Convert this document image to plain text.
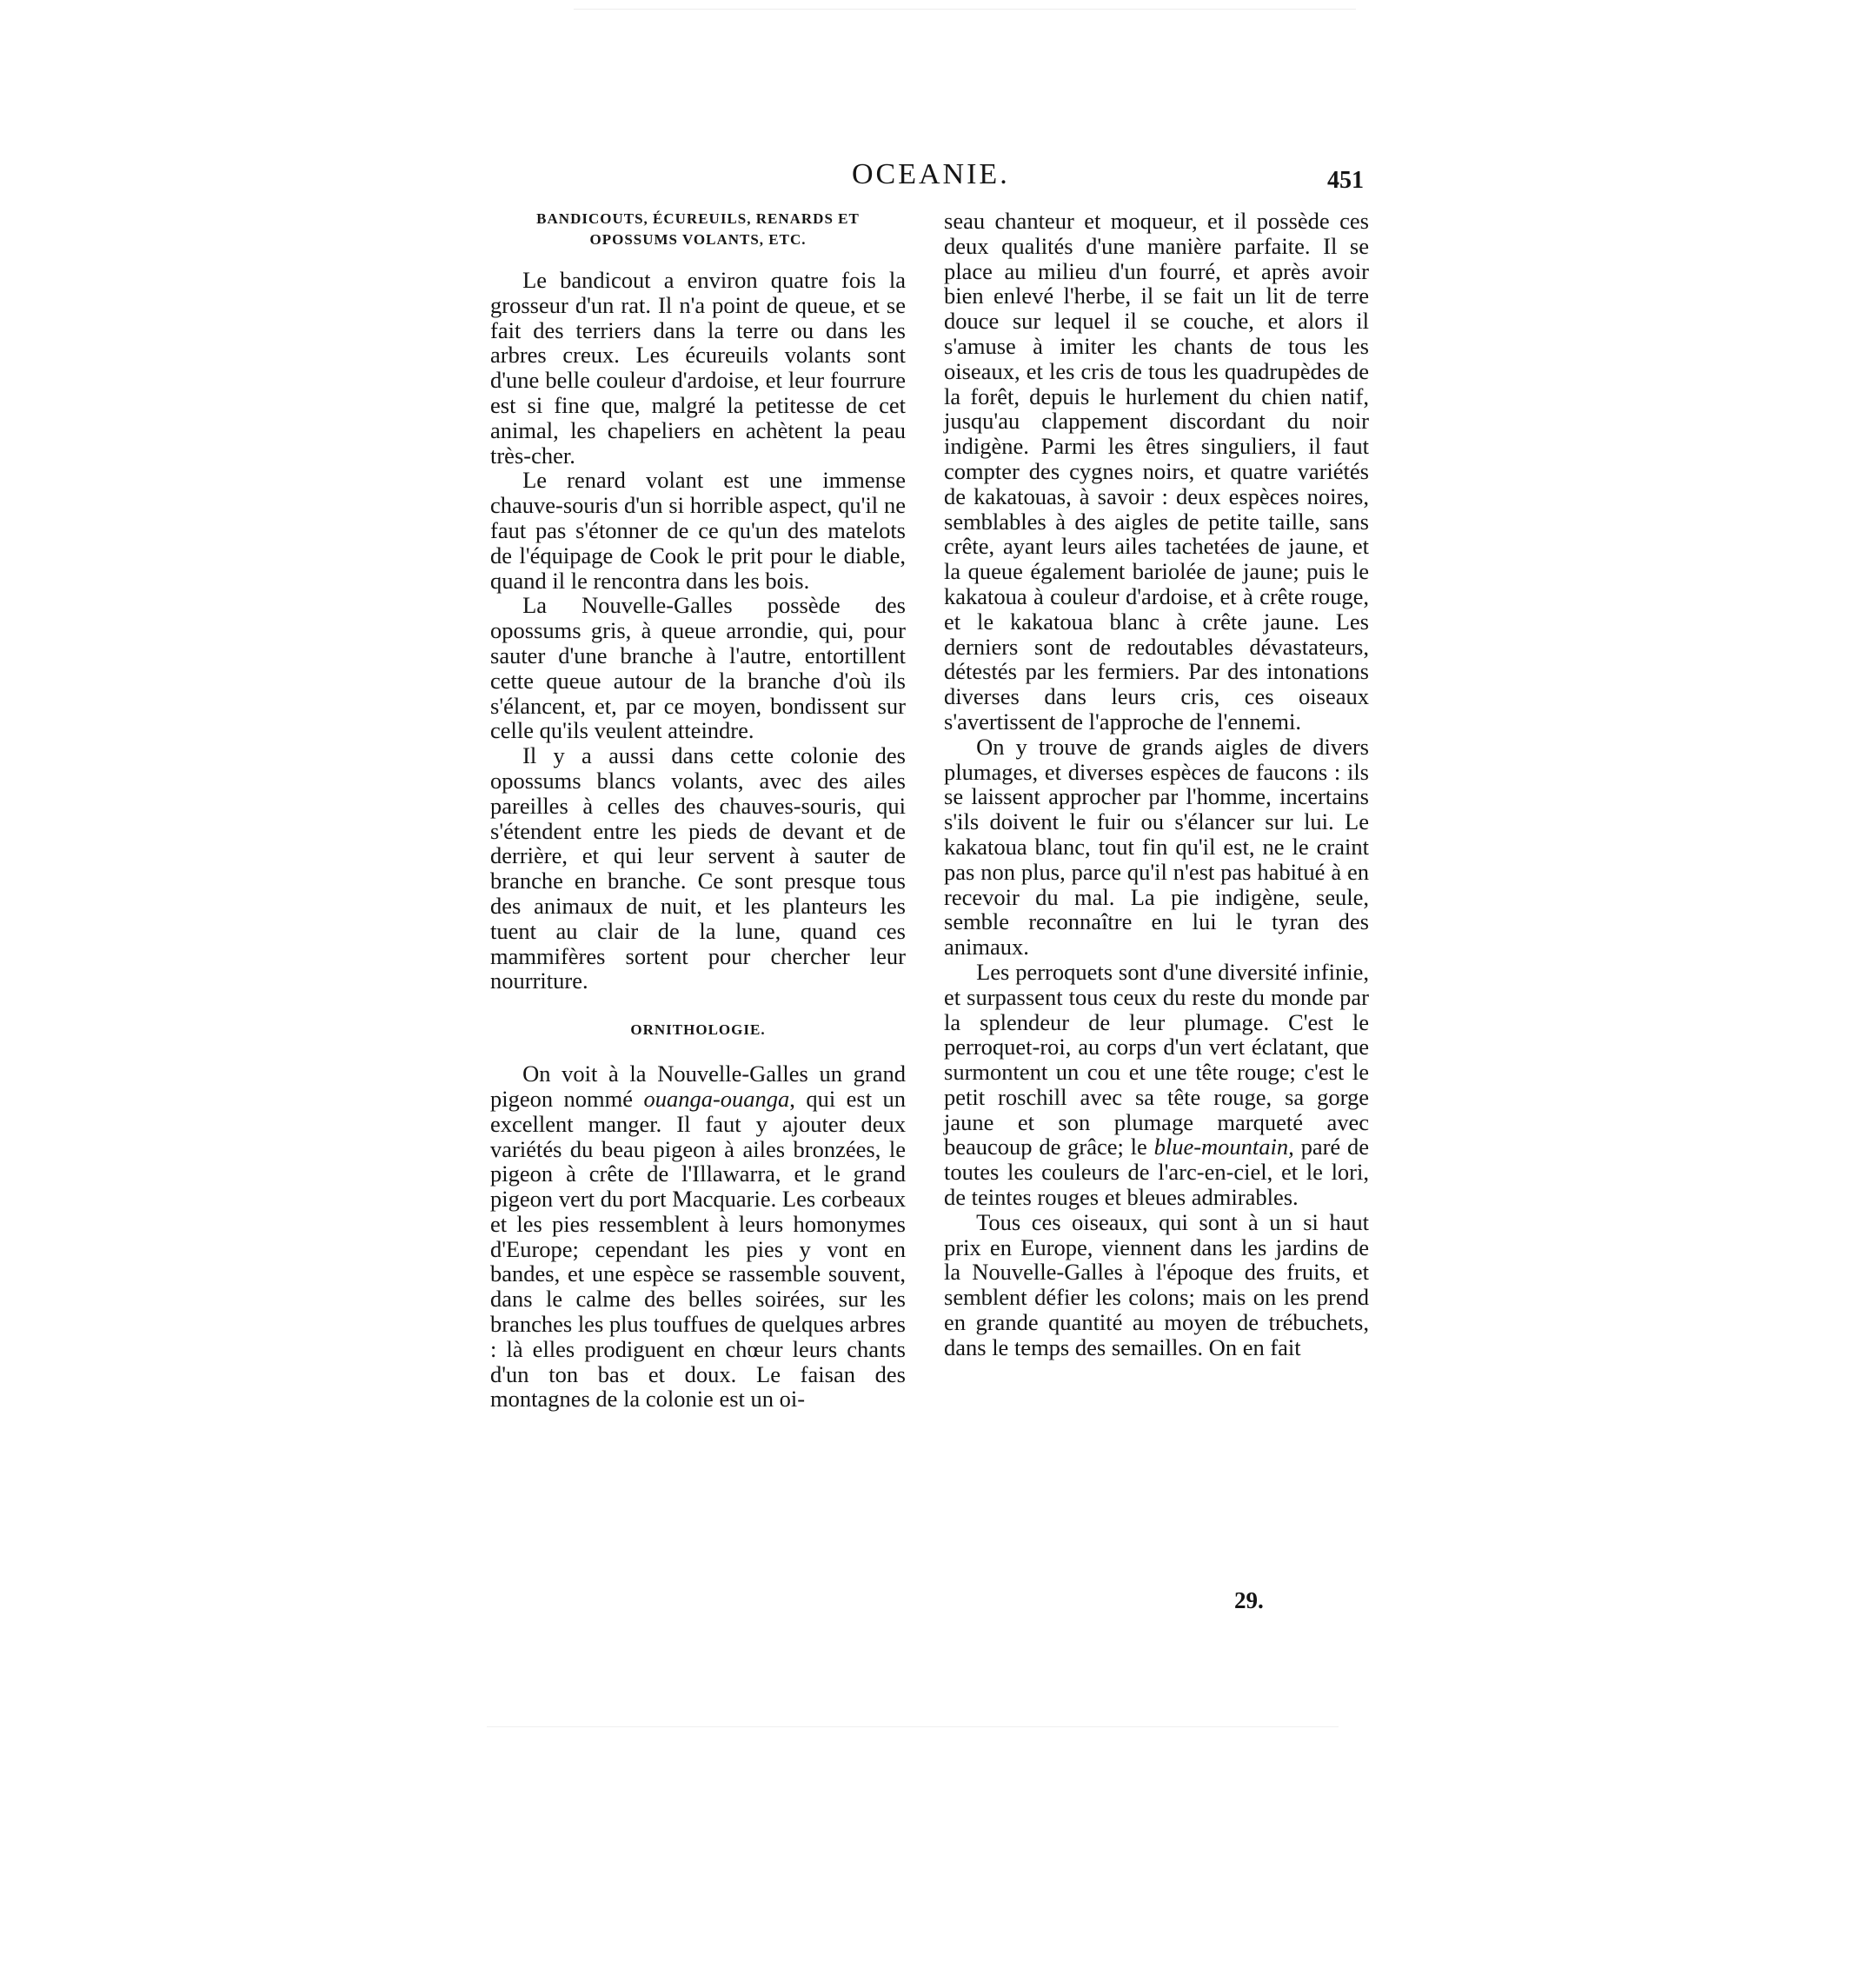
OCEANIE.	451
BANDICOUTS, ÉCUREUILS, RENARDS ET OPOSSUMS VOLANTS, ETC.

Le bandicout a environ quatre fois la grosseur d'un rat. Il n'a point de queue, et se fait des terriers dans la terre ou dans les arbres creux. Les écureuils volants sont d'une belle couleur d'ardoise, et leur fourrure est si fine que, malgré la petitesse de cet animal, les chapeliers en achètent la peau très-cher.

Le renard volant est une immense chauve-souris d'un si horrible aspect, qu'il ne faut pas s'étonner de ce qu'un des matelots de l'équipage de Cook le prit pour le diable, quand il le rencontra dans les bois.

La Nouvelle-Galles possède des opossums gris, à queue arrondie, qui, pour sauter d'une branche à l'autre, entortillent cette queue autour de la branche d'où ils s'élancent, et, par ce moyen, bondissent sur celle qu'ils veulent atteindre.

Il y a aussi dans cette colonie des opossums blancs volants, avec des ailes pareilles à celles des chauves-souris, qui s'étendent entre les pieds de devant et de derrière, et qui leur servent à sauter de branche en branche. Ce sont presque tous des animaux de nuit, et les planteurs les tuent au clair de la lune, quand ces mammifères sortent pour chercher leur nourriture.

ORNITHOLOGIE.

On voit à la Nouvelle-Galles un grand pigeon nommé ouanga-ouanga, qui est un excellent manger. Il faut y ajouter deux variétés du beau pigeon à ailes bronzées, le pigeon à crête de l'Illawarra, et le grand pigeon vert du port Macquarie. Les corbeaux et les pies ressemblent à leurs homonymes d'Europe; cependant les pies y vont en bandes, et une espèce se rassemble souvent, dans le calme des belles soirées, sur les branches les plus touffues de quelques arbres : là elles prodiguent en chœur leurs chants d'un ton bas et doux. Le faisan des montagnes de la colonie est un oi-

seau chanteur et moqueur, et il possède ces deux qualités d'une manière parfaite. Il se place au milieu d'un fourré, et après avoir bien enlevé l'herbe, il se fait un lit de terre douce sur lequel il se couche, et alors il s'amuse à imiter les chants de tous les oiseaux, et les cris de tous les quadrupèdes de la forêt, depuis le hurlement du chien natif, jusqu'au clappement discordant du noir indigène. Parmi les êtres singuliers, il faut compter des cygnes noirs, et quatre variétés de kakatouas, à savoir : deux espèces noires, semblables à des aigles de petite taille, sans crête, ayant leurs ailes tachetées de jaune, et la queue également bariolée de jaune; puis le kakatoua à couleur d'ardoise, et à crête rouge, et le kakatoua blanc à crête jaune. Les derniers sont de redoutables dévastateurs, détestés par les fermiers. Par des intonations diverses dans leurs cris, ces oiseaux s'avertissent de l'approche de l'ennemi.

On y trouve de grands aigles de divers plumages, et diverses espèces de faucons : ils se laissent approcher par l'homme, incertains s'ils doivent le fuir ou s'élancer sur lui. Le kakatoua blanc, tout fin qu'il est, ne le craint pas non plus, parce qu'il n'est pas habitué à en recevoir du mal. La pie indigène, seule, semble reconnaître en lui le tyran des animaux.

Les perroquets sont d'une diversité infinie, et surpassent tous ceux du reste du monde par la splendeur de leur plumage. C'est le perroquet-roi, au corps d'un vert éclatant, que surmontent un cou et une tête rouge; c'est le petit roschill avec sa tête rouge, sa gorge jaune et son plumage marqueté avec beaucoup de grâce; le blue-mountain, paré de toutes les couleurs de l'arc-en-ciel, et le lori, de teintes rouges et bleues admirables.

Tous ces oiseaux, qui sont à un si haut prix en Europe, viennent dans les jardins de la Nouvelle-Galles à l'époque des fruits, et semblent défier les colons; mais on les prend en grande quantité au moyen de trébuchets, dans le temps des semailles. On en fait

29.
